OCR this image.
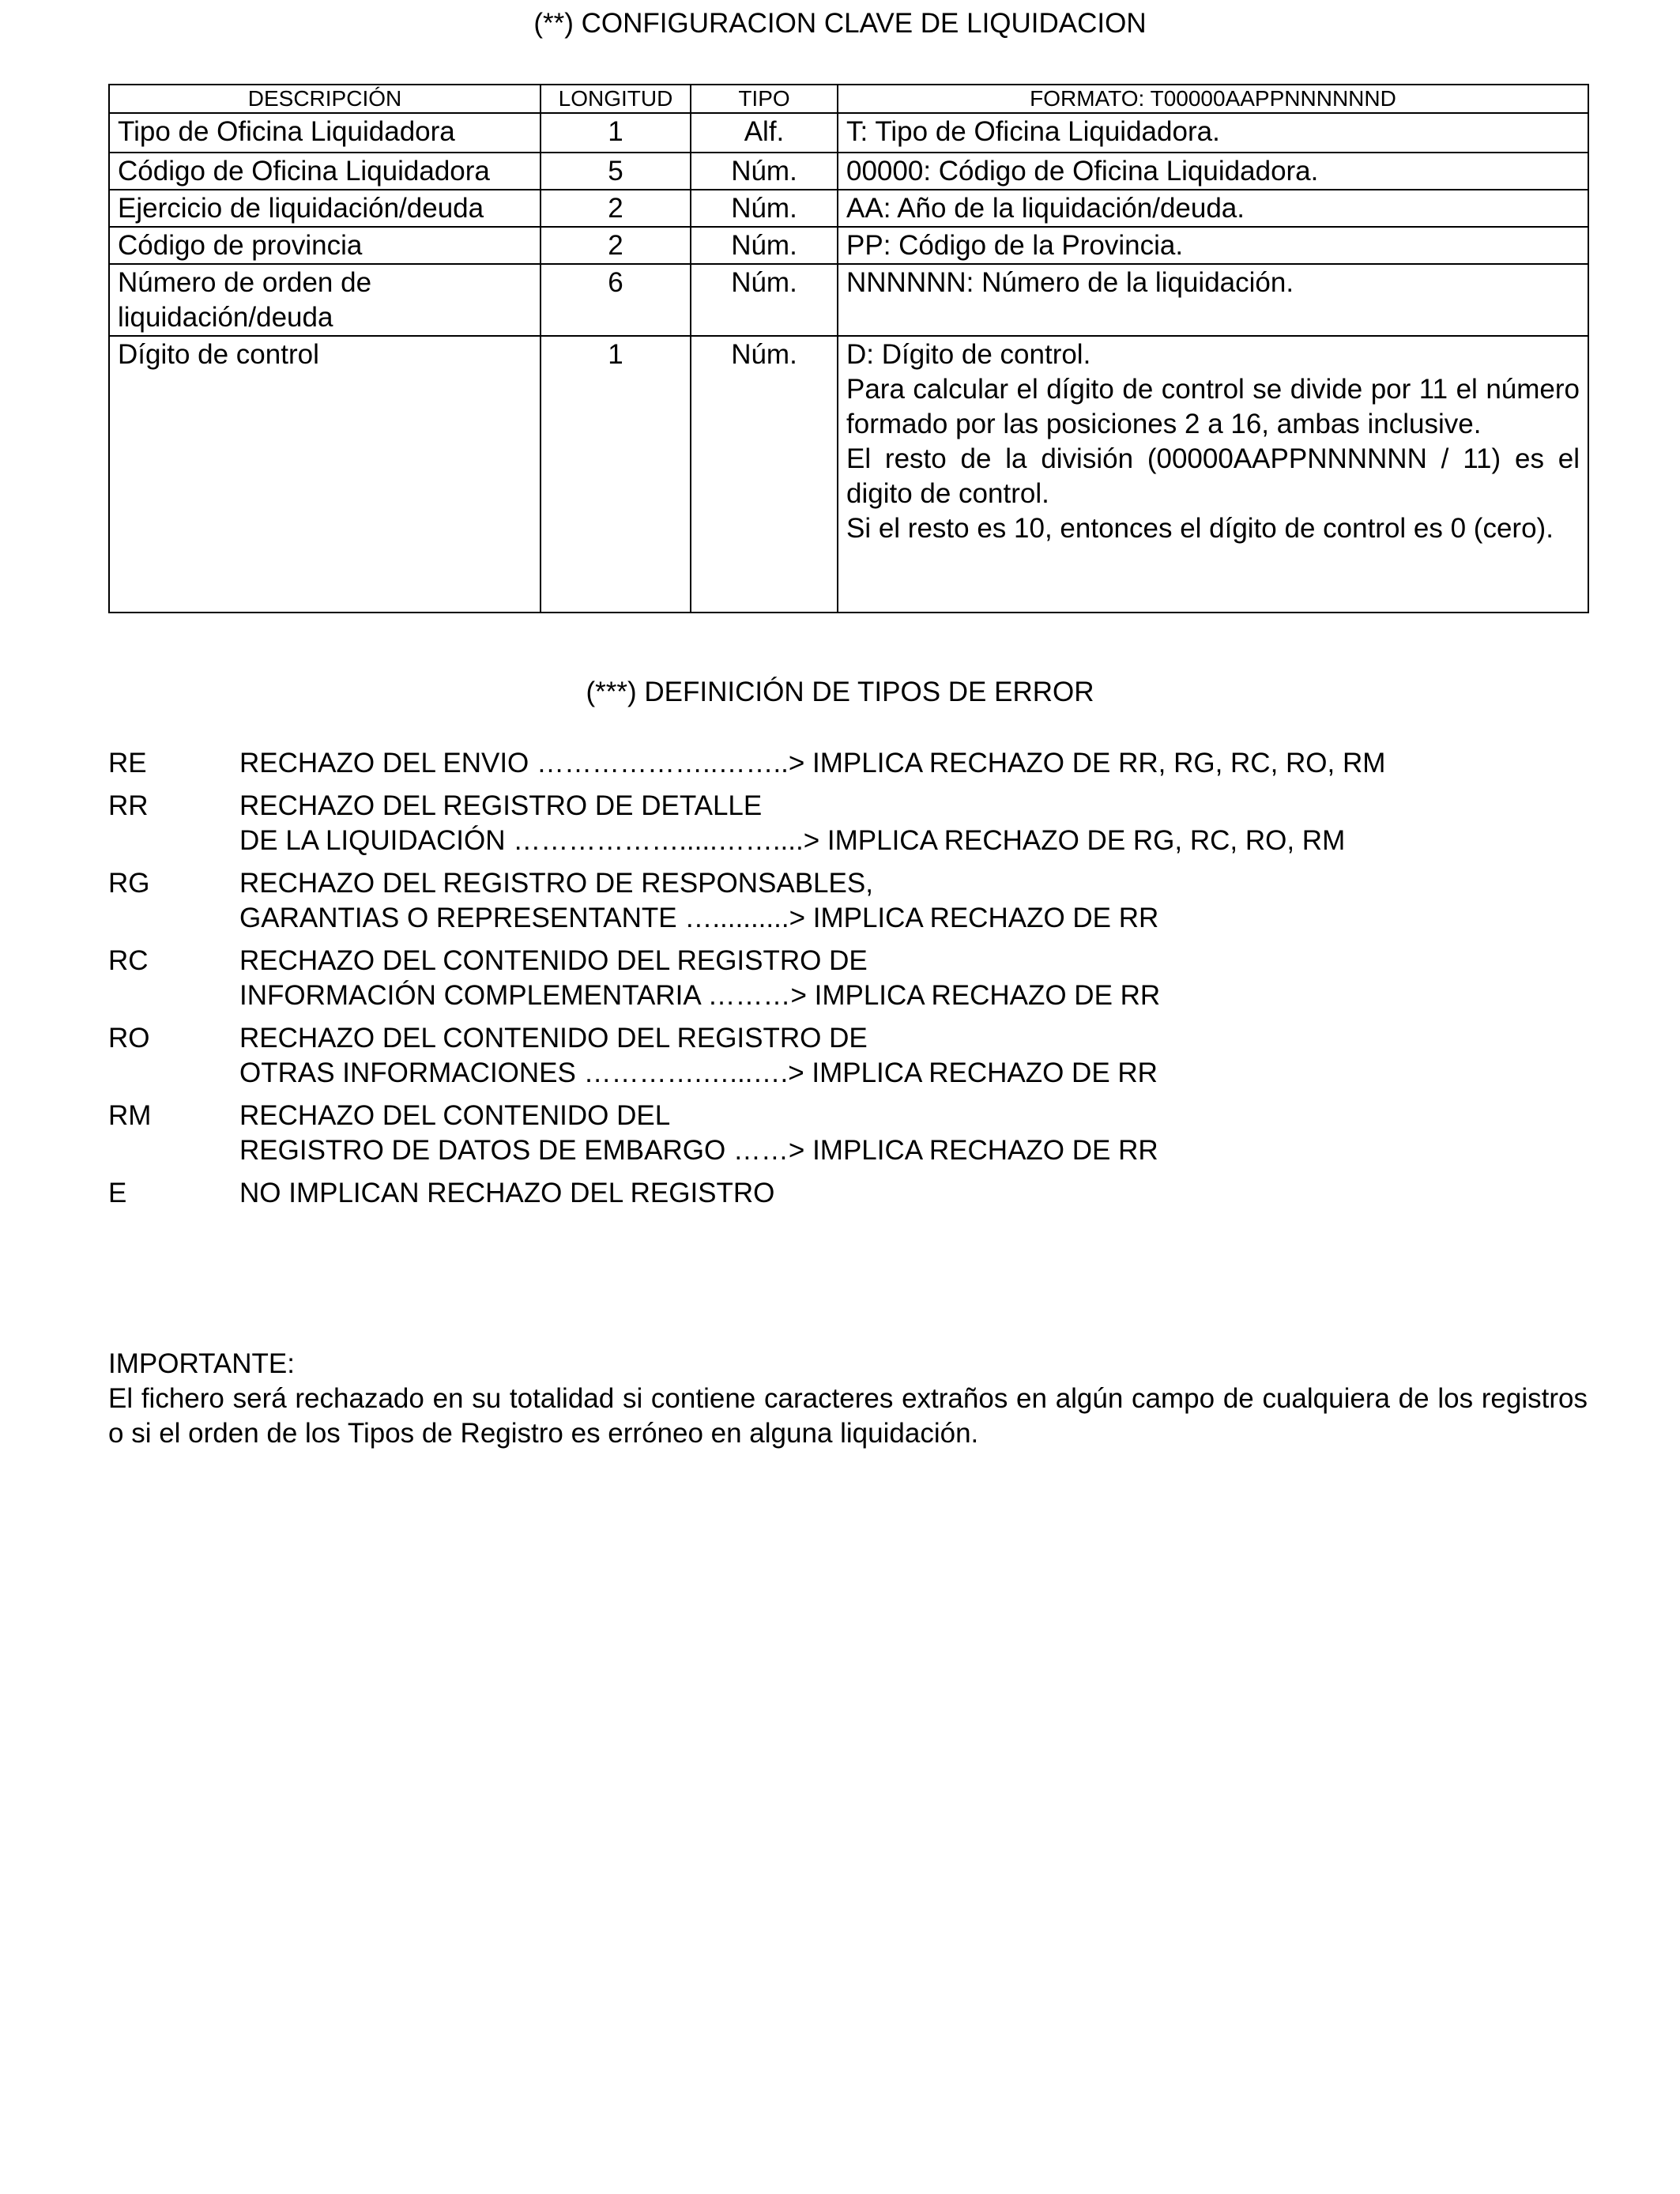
(**) CONFIGURACION CLAVE DE LIQUIDACION
DESCRIPCIÓN	LONGITUD	TIPO	FORMATO: T00000AAPPNNNNNND
Tipo de Oficina Liquidadora	1	Alf.	T: Tipo de Oficina Liquidadora.

Código de Oficina Liquidadora	5	Núm.	00000: Código de Oficina Liquidadora.

Ejercicio de liquidación/deuda	2	Núm.	AA: Año de la liquidación/deuda.

Código de provincia	2	Núm.	PP: Código de la Provincia.

Número de orden de liquidación/deuda	6	Núm.	NNNNNN: Número de la liquidación.

Dígito de control	1	Núm.	D: Dígito de control.
Para calcular el dígito de control se divide por 11 el número formado por las posiciones 2 a 16, ambas inclusive.
El resto de la división (00000AAPPNNNNNN / 11) es el digito de control.
Si el resto es 10, entonces el dígito de control es 0 (cero).
(***) DEFINICIÓN DE TIPOS DE ERROR
RE	RECHAZO DEL ENVIO ………………..……..> IMPLICA RECHAZO DE RR, RG, RC, RO, RM
RR	RECHAZO DEL REGISTRO DE DETALLE
DE LA LIQUIDACIÓN ……………….....……....> IMPLICA RECHAZO DE RG, RC, RO, RM
RG	RECHAZO DEL REGISTRO DE RESPONSABLES,
GARANTIAS O REPRESENTANTE …..........> IMPLICA RECHAZO DE RR
RC	RECHAZO DEL CONTENIDO DEL REGISTRO DE
INFORMACIÓN COMPLEMENTARIA ………> IMPLICA RECHAZO DE RR
RO	RECHAZO DEL CONTENIDO DEL REGISTRO DE
OTRAS INFORMACIONES ………….…...….> IMPLICA RECHAZO DE RR
RM	RECHAZO DEL CONTENIDO DEL
REGISTRO DE DATOS DE EMBARGO ……> IMPLICA RECHAZO DE RR
E	NO IMPLICAN RECHAZO DEL REGISTRO
IMPORTANTE:
El fichero será rechazado en su totalidad si contiene caracteres extraños en algún campo de cualquiera de los registros o si el orden de los Tipos de Registro es erróneo en alguna liquidación.
